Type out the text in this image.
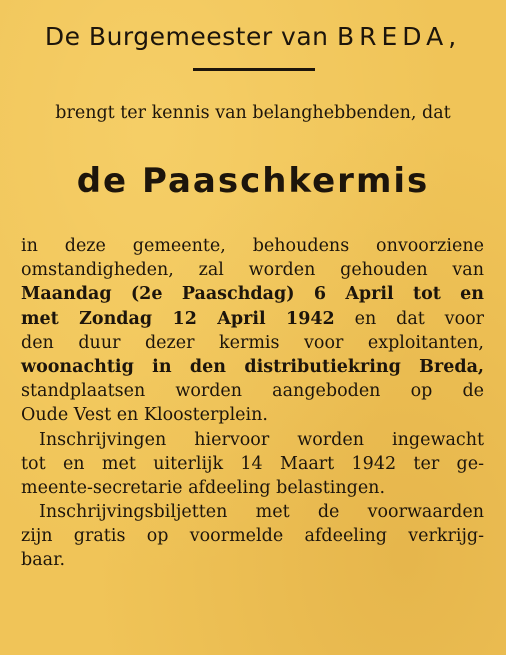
De Burgemeester van BREDA,
brengt ter kennis van belanghebbenden, dat
de Paaschkermis
in deze gemeente, behoudens onvoorziene
omstandigheden, zal worden gehouden van
Maandag (2e Paaschdag) 6 April tot en
met Zondag 12 April 1942 en dat voor
den duur dezer kermis voor exploitanten,
woonachtig in den distributiekring Breda,
standplaatsen worden aangeboden op de
Oude Vest en Kloosterplein.
Inschrijvingen hiervoor worden ingewacht
tot en met uiterlijk 14 Maart 1942 ter ge-
meente-secretarie afdeeling belastingen.
Inschrijvingsbiljetten met de voorwaarden
zijn gratis op voormelde afdeeling verkrijg-
baar.
